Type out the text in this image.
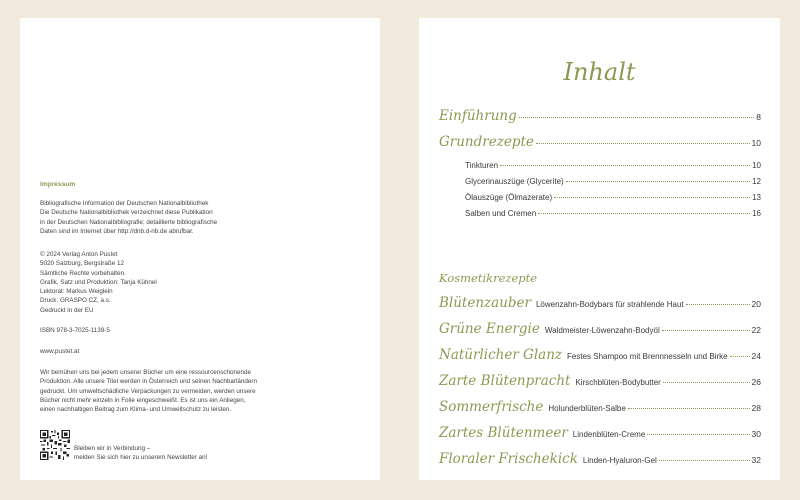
Impressum
Bibliografische Information der Deutschen Nationalbibliothek
Die Deutsche Nationalbibliothek verzeichnet diese Publikation
in der Deutschen Nationalbibliografie; detaillierte bibliografische
Daten sind im Internet über http://dnb.d-nb.de abrufbar.
© 2024 Verlag Anton Pustet
5020 Salzburg, Bergstraße 12
Sämtliche Rechte vorbehalten.
Grafik, Satz und Produktion: Tanja Kühnel
Lektorat: Markus Weiglein
Druck: GRASPO CZ, a.s.
Gedruckt in der EU
ISBN 978-3-7025-1139-5
www.pustet.at
Wir bemühen uns bei jedem unserer Bücher um eine ressourcenschonende
Produktion. Alle unsere Titel werden in Österreich und seinen Nachbarländern
gedruckt. Um umweltschädliche Verpackungen zu vermeiden, werden unsere
Bücher nicht mehr einzeln in Folie eingeschweißt. Es ist uns ein Anliegen,
einen nachhaltigen Beitrag zum Klima- und Umweltschutz zu leisten.
Bleiben wir in Verbindung –
melden Sie sich hier zu unserem Newsletter an!
Inhalt
Einführung	8
Grundrezepte	10
Tinkturen	10
Glycerinauszüge (Glycerite)	12
Ölauszüge (Ölmazerate)	13
Salben und Cremen	16
Kosmetikrezepte
Blütenzauber Löwenzahn-Bodybars für strahlende Haut	20
Grüne Energie Waldmeister-Löwenzahn-Bodyöl	22
Natürlicher Glanz Festes Shampoo mit Brennnesseln und Birke	24
Zarte Blütenpracht Kirschblüten-Bodybutter	26
Sommerfrische Holunderblüten-Salbe	28
Zartes Blütenmeer Lindenblüten-Creme	30
Floraler Frischekick Linden-Hyaluron-Gel	32
